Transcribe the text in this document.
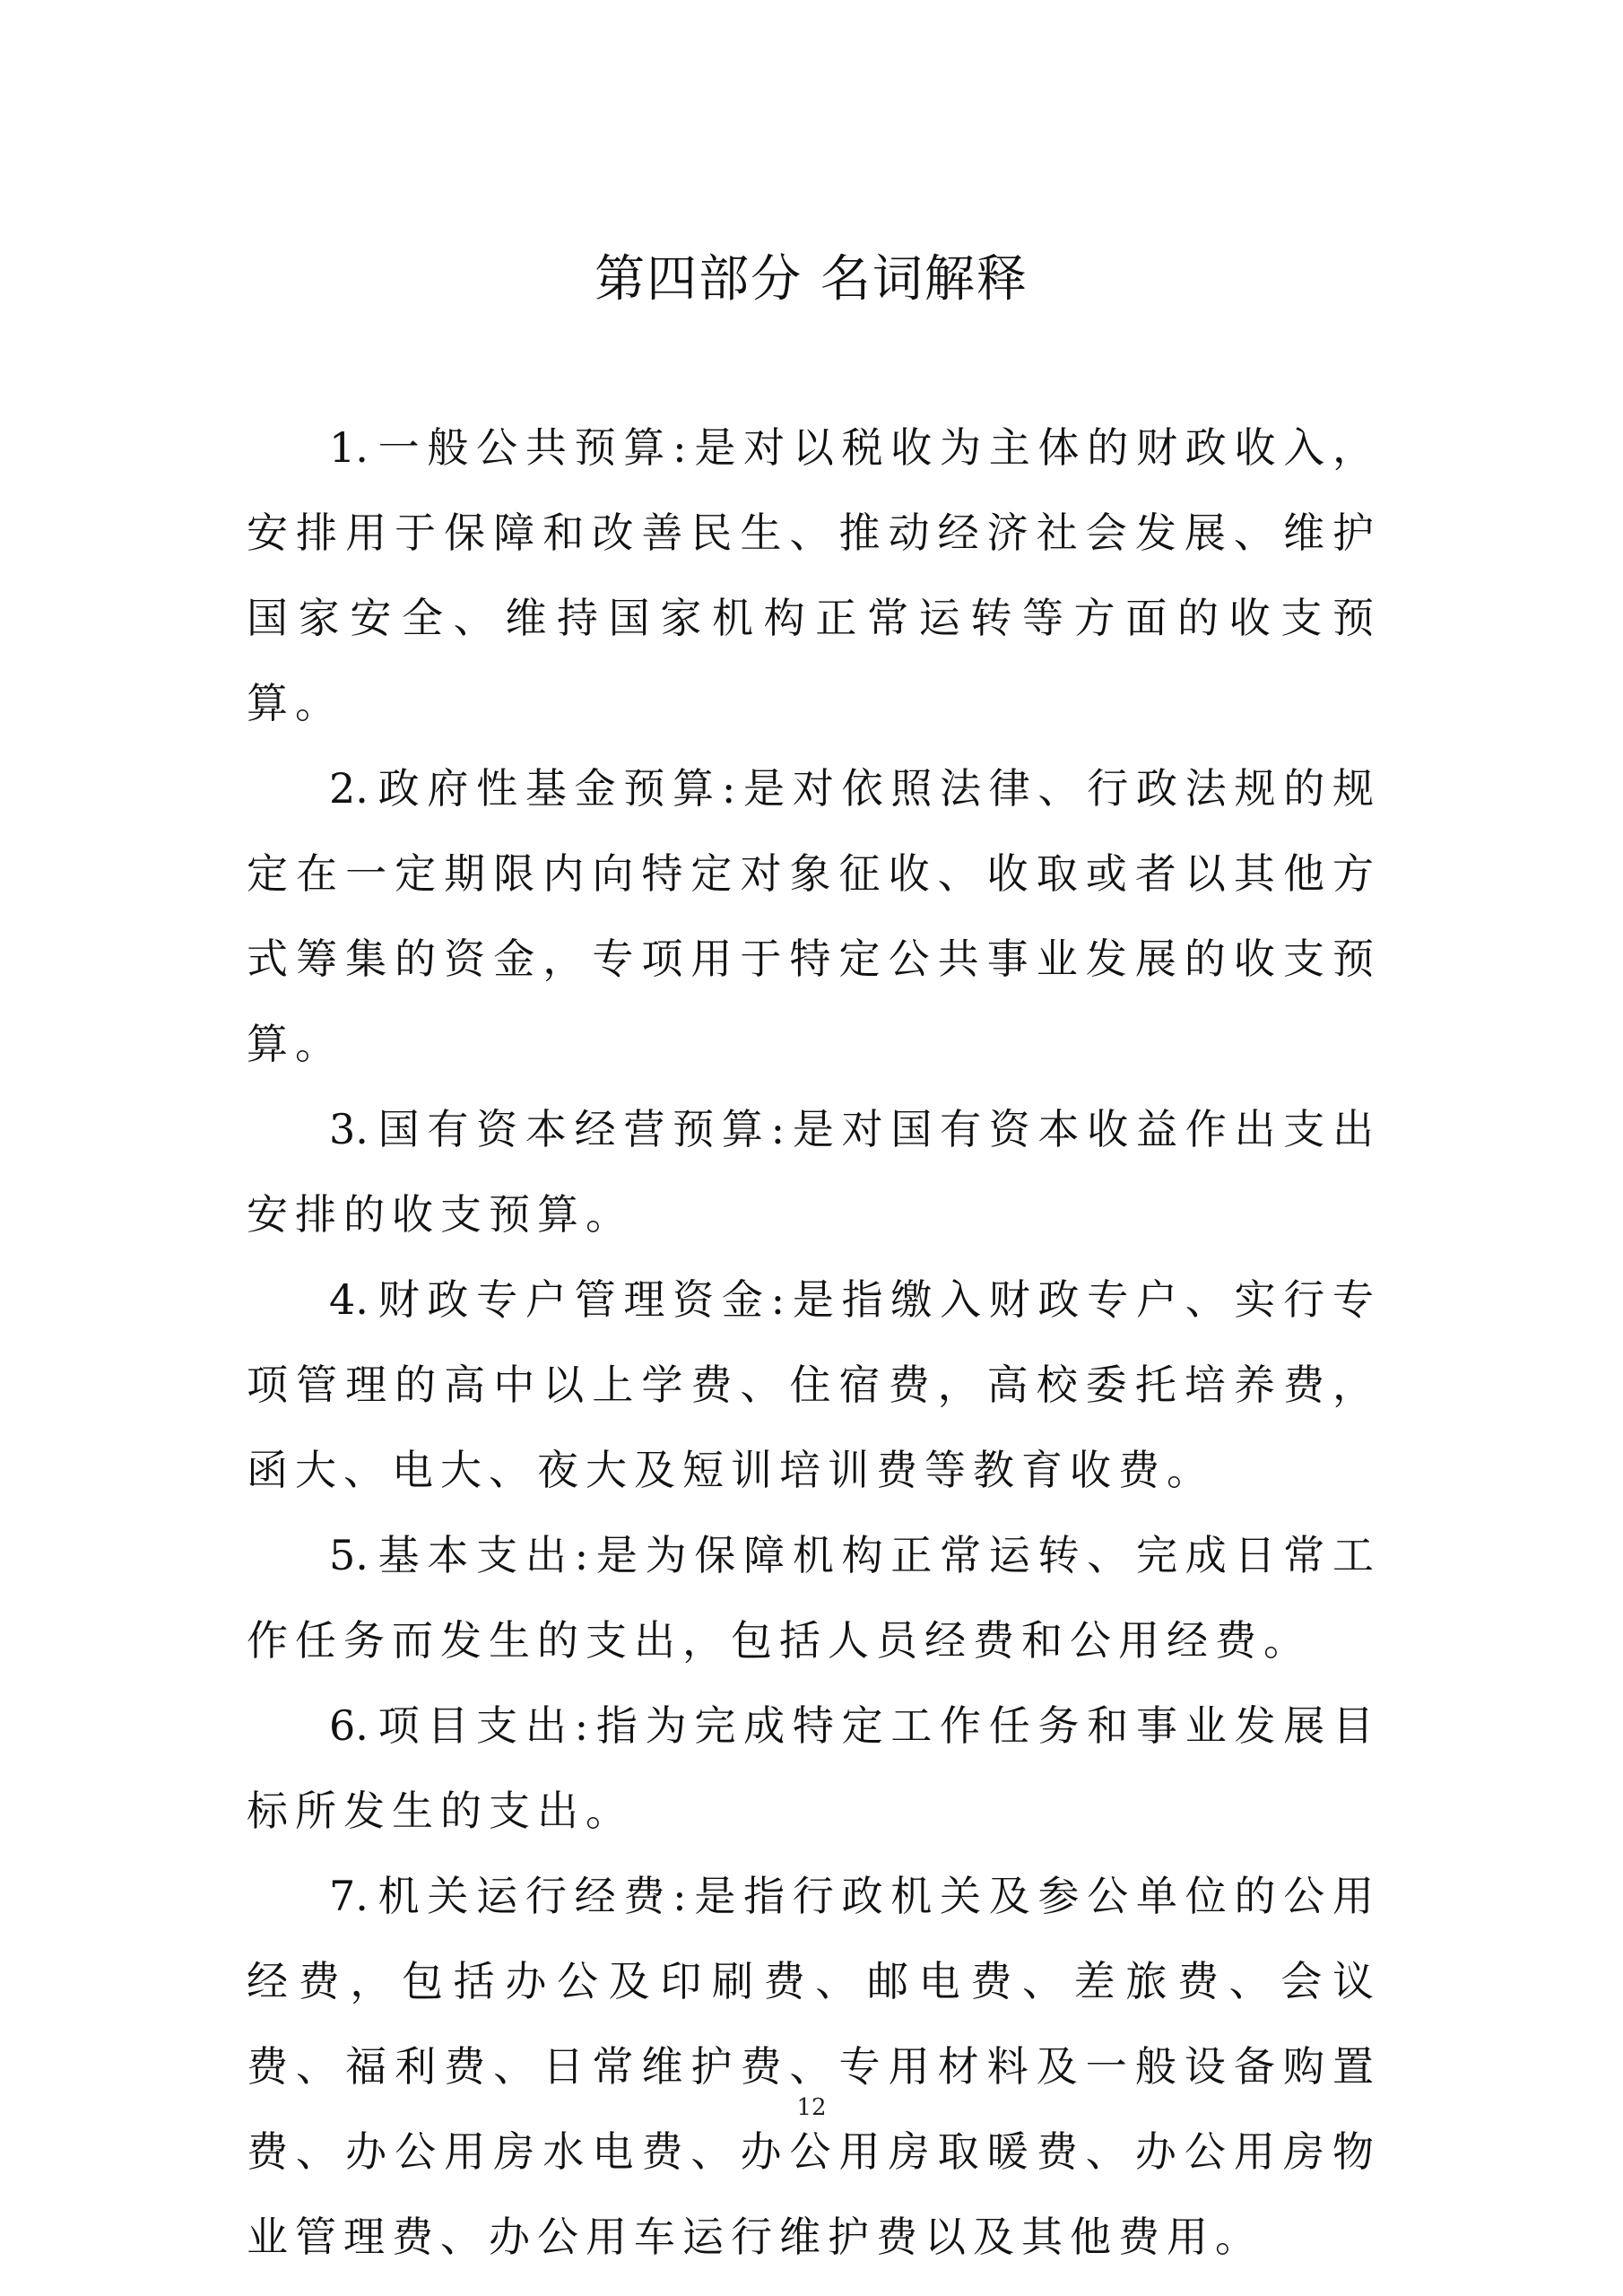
第四部分 名词解释

1. 一般公共预算:是对以税收为主体的财政收入，安排用于保障和改善民生、推动经济社会发展、维护国家安全、维持国家机构正常运转等方面的收支预算。

2. 政府性基金预算:是对依照法律、行政法规的规定在一定期限内向特定对象征收、收取或者以其他方式筹集的资金，专项用于特定公共事业发展的收支预算。

3. 国有资本经营预算:是对国有资本收益作出支出安排的收支预算。

4. 财政专户管理资金:是指缴入财政专户、实行专项管理的高中以上学费、住宿费，高校委托培养费，函大、电大、夜大及短训培训费等教育收费。

5. 基本支出:是为保障机构正常运转、完成日常工作任务而发生的支出，包括人员经费和公用经费。

6. 项目支出:指为完成特定工作任务和事业发展目标所发生的支出。

7. 机关运行经费:是指行政机关及参公单位的公用经费，包括办公及印刷费、邮电费、差旅费、会议费、福利费、日常维护费、专用材料及一般设备购置费、办公用房水电费、办公用房取暖费、办公用房物业管理费、办公用车运行维护费以及其他费用。

12
